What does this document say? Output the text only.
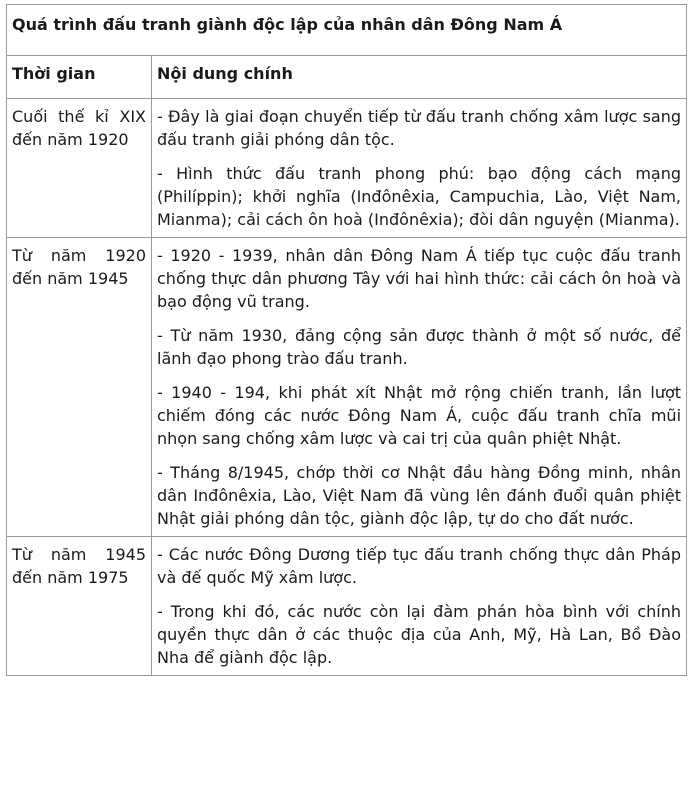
Quá trình đấu tranh giành độc lập của nhân dân Đông Nam Á	
Thời gian	Nội dung chính
Cuối thế kỉ XIX đến năm 1920	- Đây là giai đoạn chuyển tiếp từ đấu tranh chống xâm lược sang đấu tranh giải phóng dân tộc.

- Hình thức đấu tranh phong phú: bạo động cách mạng (Philíppin); khởi nghĩa (Inđônêxia, Campuchia, Lào, Việt Nam, Mianma); cải cách ôn hoà (Inđônêxia); đòi dân nguyện (Mianma).

Từ năm 1920 đến năm 1945	- 1920 - 1939, nhân dân Đông Nam Á tiếp tục cuộc đấu tranh chống thực dân phương Tây với hai hình thức: cải cách ôn hoà và bạo động vũ trang.

- Từ năm 1930, đảng cộng sản được thành ở một số nước, để lãnh đạo phong trào đấu tranh.

- 1940 - 194, khi phát xít Nhật mở rộng chiến tranh, lần lượt chiếm đóng các nước Đông Nam Á, cuộc đấu tranh chĩa mũi nhọn sang chống xâm lược và cai trị của quân phiệt Nhật.

- Tháng 8/1945, chớp thời cơ Nhật đầu hàng Đồng minh, nhân dân Inđônêxia, Lào, Việt Nam đã vùng lên đánh đuổi quân phiệt Nhật giải phóng dân tộc, giành độc lập, tự do cho đất nước.

Từ năm 1945 đến năm 1975	- Các nước Đông Dương tiếp tục đấu tranh chống thực dân Pháp và đế quốc Mỹ xâm lược.

- Trong khi đó, các nước còn lại đàm phán hòa bình với chính quyền thực dân ở các thuộc địa của Anh, Mỹ, Hà Lan, Bồ Đào Nha để giành độc lập.
